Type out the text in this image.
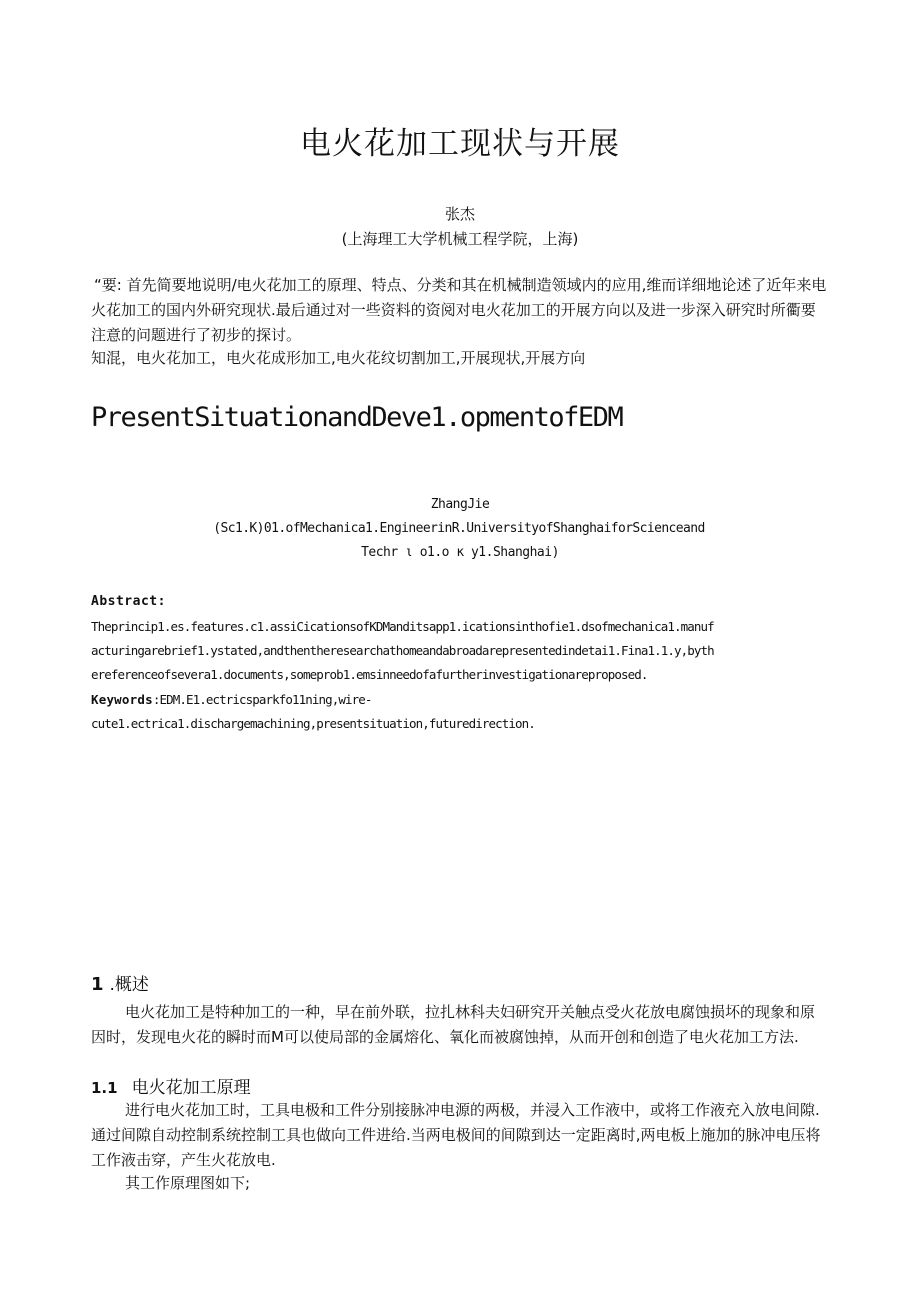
电火花加工现状与开展
张杰
(上海理工大学机械工程学院，上海)
“要: 首先简要地说明/电火花加工的原理、特点、分类和其在机械制造领域内的应用,维而详细地论述了近年来电火花加工的国内外研究现状.最后通过对一些资料的资阅对电火花加工的开展方向以及进一步深入研究时所衢要注意的问题进行了初步的探讨。
知混，电火花加工，电火花成形加工,电火花纹切割加工,开展现状,开展方向
PresentSituationandDeve1.opmentofEDM
ZhangJie
(Sc1.K)01.ofMechanica1.EngineerinR.UniversityofShanghaiforScienceand
Techr ι o1.o κ y1.Shanghai)
Abstract:
Theprincip1.es.features.c1.assiCicationsofKDManditsapp1.icationsinthofie1.dsofmechanica1.manuf
acturingarebrief1.ystated,andthentheresearchathomeandabroadarepresentedindetai1.Fina1.1.y,byth
ereferenceofsevera1.documents,someprob1.emsinneedofafurtherinvestigationareproposed.
Keywords:EDM.E1.ectricsparkfo11ning,wire-
cute1.ectrica1.dischargemachining,presentsituation,futuredirection.
1 .概述
电火花加工是特种加工的一种，早在前外联，拉扎林科夫妇研究开关触点受火花放电腐蚀损坏的现象和原因时，发现电火花的瞬时而M可以使局部的金属熔化、氧化而被腐蚀掉，从而开创和创造了电火花加工方法.
1.1 电火花加工原理
进行电火花加工时，工具电极和工件分别接脉冲电源的两极，并浸入工作液中，或将工作液充入放电间隙.通过间隙自动控制系统控制工具也做向工件进给.当两电极间的间隙到达一定距离时,两电板上施加的脉冲电压将工作液击穿，产生火花放电.
其工作原理图如下;
